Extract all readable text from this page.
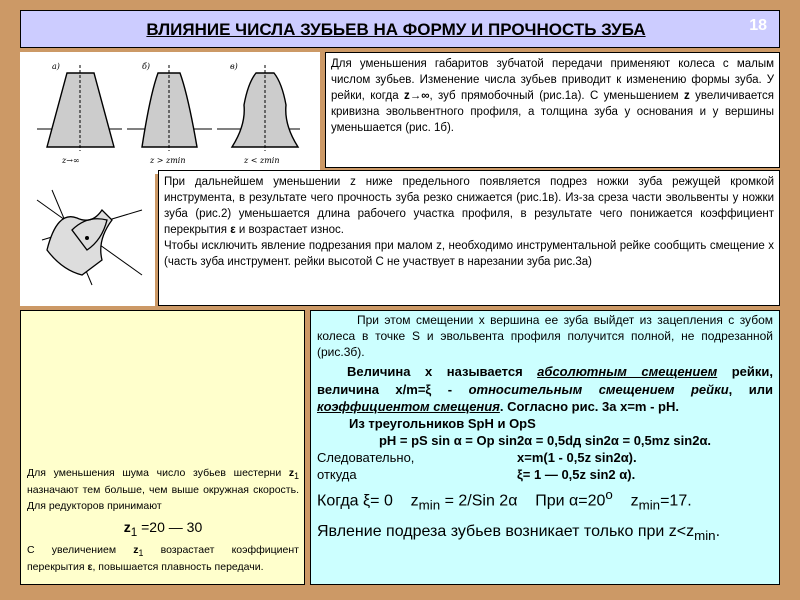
ВЛИЯНИЕ ЧИСЛА ЗУБЬЕВ НА ФОРМУ И ПРОЧНОСТЬ ЗУБА	18
а)	б)	в)
z→∞	z > zmin	z < zmin
Для уменьшения габаритов зубчатой передачи применяют колеса с малым числом зубьев. Изменение числа зубьев приводит к изменению формы зуба. У рейки, когда z→∞, зуб прямобочный (рис.1а). С уменьшением z увеличивается кривизна эвольвентного профиля, а толщина зуба у основания и у вершины уменьшается (рис. 1б).
При дальнейшем уменьшении z ниже предельного появляется подрез ножки зуба режущей кромкой инструмента, в результате чего прочность зуба резко снижается (рис.1в). Из-за среза части эвольвенты у ножки зуба (рис.2) уменьшается длина рабочего участка профиля, в результате чего понижается коэффициент перекрытия ε и возрастает износ.
Чтобы исключить явление подрезания при малом z, необходимо инструментальной рейке сообщить смещение х (часть зуба инструмент. рейки высотой С не участвует в нарезании зуба рис.3а)
Для уменьшения шума число зубьев шестерни $z_1$ назначают тем больше, чем выше окружная скорость. Для редукторов принимают
$z_1 =20$ — 30
С увеличением $z_1$ возрастает коэффициент перекрытия ε, повышается плавность передачи.
При этом смещении х вершина ее зуба выйдет из зацепления с зубом колеса в точке S и эвольвента профиля получится полной, не подрезанной (рис.3б).
Величина х называется абсолютным смещением рейки, величина х/m=ξ - относительным смещением рейки, или коэффициентом смещения. Согласно рис. 3а х=m - pH.
Из треугольников SpH и OpS
pH = pS sin α = Op sin2α = 0,5dд sin2α = 0,5mz sin2α.
Следовательно,	x=m(1 - 0,5z sin2α).
откуда	ξ= 1 — 0,5z sin2 α).
Когда ξ= 0 $z_{min} = 2/Sin$ 2α При $\alpha=20^o$ $z_{min}=17$.
Явление подреза зубьев возникает только при $z<z_{min}$.
